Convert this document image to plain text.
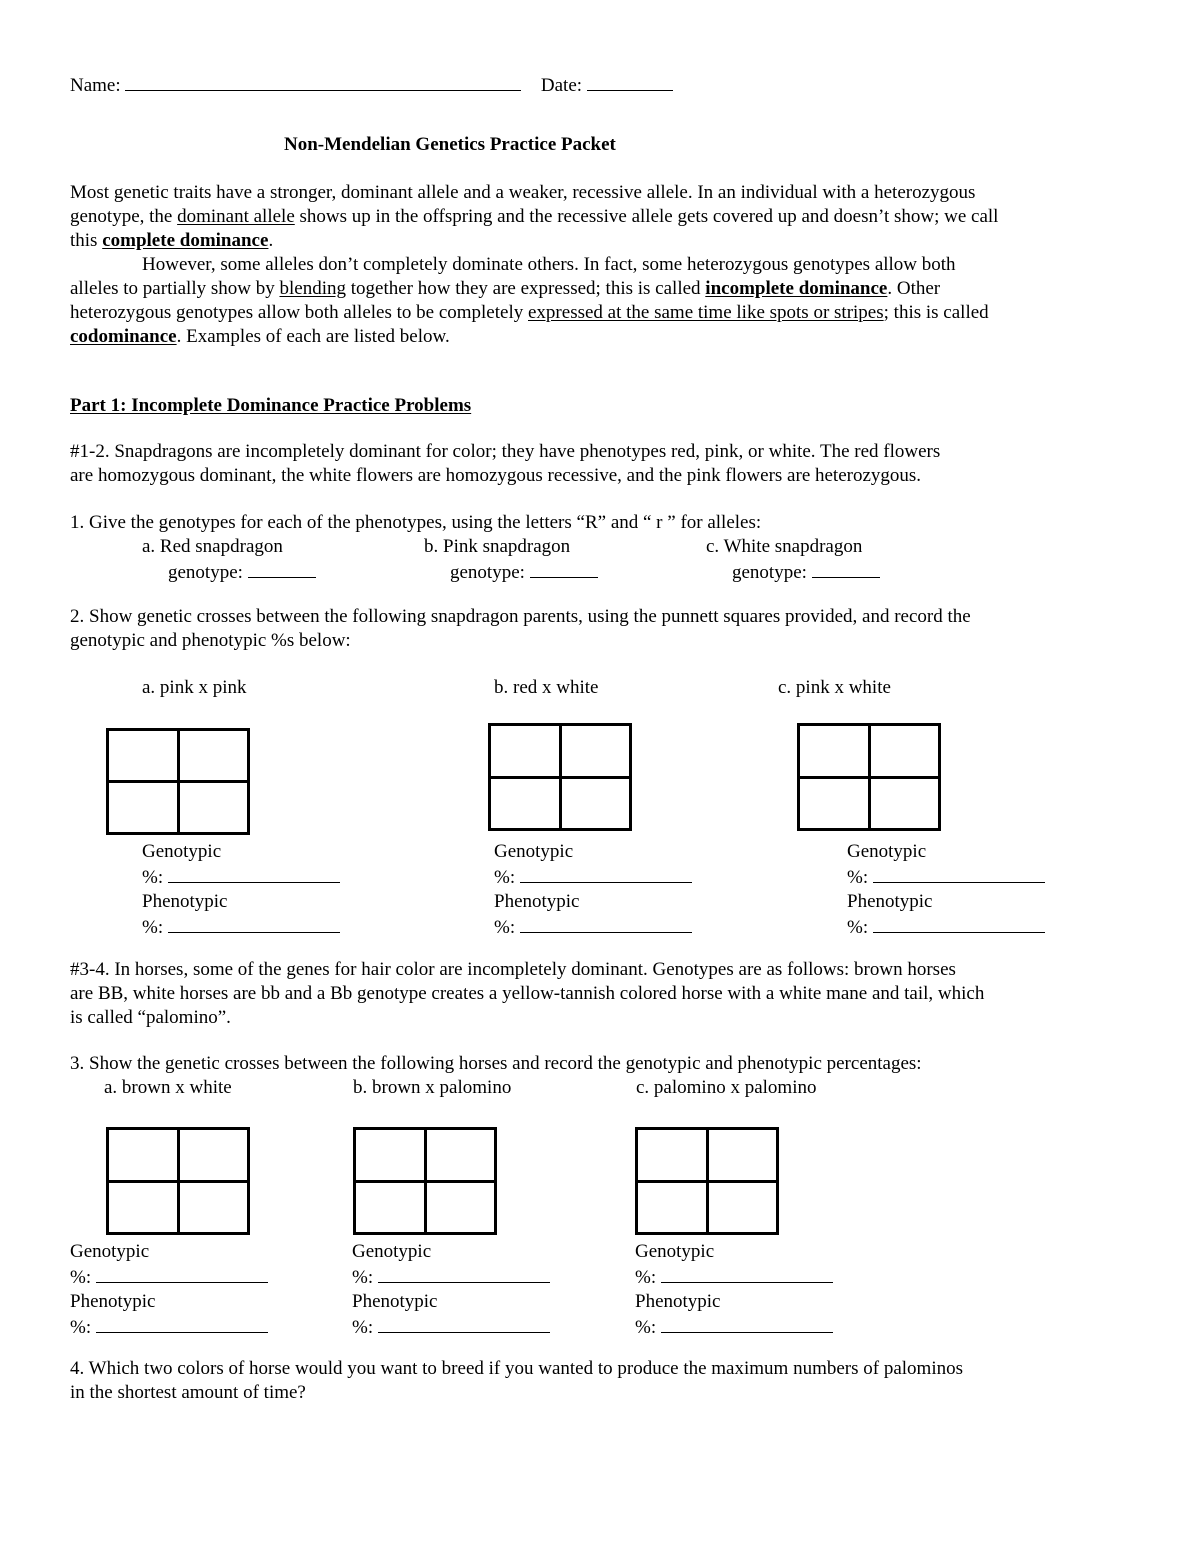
Name:	Date:
Non-Mendelian Genetics Practice Packet
Most genetic traits have a stronger, dominant allele and a weaker, recessive allele. In an individual with a heterozygous
genotype, the dominant allele shows up in the offspring and the recessive allele gets covered up and doesn’t show; we call
this complete dominance.
However, some alleles don’t completely dominate others. In fact, some heterozygous genotypes allow both
alleles to partially show by blending together how they are expressed; this is called incomplete dominance. Other
heterozygous genotypes allow both alleles to be completely expressed at the same time like spots or stripes; this is called
codominance. Examples of each are listed below.
Part 1: Incomplete Dominance Practice Problems
#1-2. Snapdragons are incompletely dominant for color; they have phenotypes red, pink, or white. The red flowers
are homozygous dominant, the white flowers are homozygous recessive, and the pink flowers are heterozygous.
1. Give the genotypes for each of the phenotypes, using the letters “R” and “ r ” for alleles:
a. Red snapdragon
genotype:
b. Pink snapdragon
genotype:
c. White snapdragon
genotype:
2. Show genetic crosses between the following snapdragon parents, using the punnett squares provided, and record the
genotypic and phenotypic %s below:
a. pink x pink	b. red x white	c. pink x white
Genotypic
%:
Phenotypic
%:
Genotypic
%:
Phenotypic
%:
Genotypic
%:
Phenotypic
%:
#3-4. In horses, some of the genes for hair color are incompletely dominant. Genotypes are as follows: brown horses
are BB, white horses are bb and a Bb genotype creates a yellow-tannish colored horse with a white mane and tail, which
is called “palomino”.
3. Show the genetic crosses between the following horses and record the genotypic and phenotypic percentages:
a. brown x white	b. brown x palomino	c. palomino x palomino
Genotypic
%:
Phenotypic
%:
Genotypic
%:
Phenotypic
%:
Genotypic
%:
Phenotypic
%:
4. Which two colors of horse would you want to breed if you wanted to produce the maximum numbers of palominos
in the shortest amount of time?
